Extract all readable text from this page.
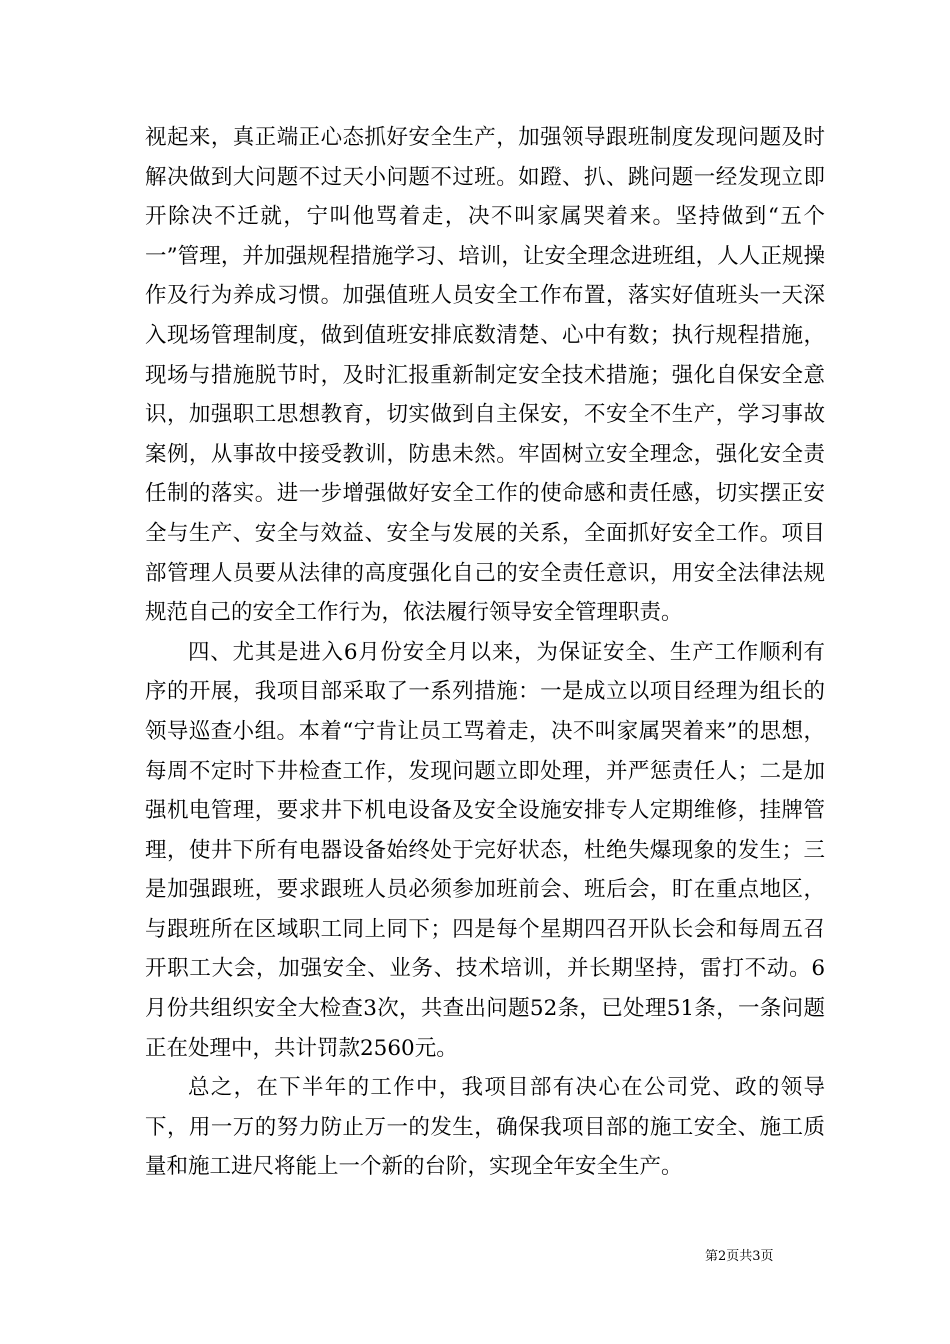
视起来，真正端正心态抓好安全生产，加强领导跟班制度发现问题及时解决做到大问题不过天小问题不过班。如蹬、扒、跳问题一经发现立即开除决不迁就，宁叫他骂着走，决不叫家属哭着来。坚持做到“五个一”管理，并加强规程措施学习、培训，让安全理念进班组，人人正规操作及行为养成习惯。加强值班人员安全工作布置，落实好值班头一天深入现场管理制度，做到值班安排底数清楚、心中有数；执行规程措施，现场与措施脱节时，及时汇报重新制定安全技术措施；强化自保安全意识，加强职工思想教育，切实做到自主保安，不安全不生产，学习事故案例，从事故中接受教训，防患未然。牢固树立安全理念，强化安全责任制的落实。进一步增强做好安全工作的使命感和责任感，切实摆正安全与生产、安全与效益、安全与发展的关系，全面抓好安全工作。项目部管理人员要从法律的高度强化自己的安全责任意识，用安全法律法规规范自己的安全工作行为，依法履行领导安全管理职责。

四、尤其是进入6月份安全月以来，为保证安全、生产工作顺利有序的开展，我项目部采取了一系列措施：一是成立以项目经理为组长的领导巡查小组。本着“宁肯让员工骂着走，决不叫家属哭着来”的思想，每周不定时下井检查工作，发现问题立即处理，并严惩责任人；二是加强机电管理，要求井下机电设备及安全设施安排专人定期维修，挂牌管理，使井下所有电器设备始终处于完好状态，杜绝失爆现象的发生；三是加强跟班，要求跟班人员必须参加班前会、班后会，盯在重点地区，与跟班所在区域职工同上同下；四是每个星期四召开队长会和每周五召开职工大会，加强安全、业务、技术培训，并长期坚持，雷打不动。6月份共组织安全大检查3次，共查出问题52条，已处理51条，一条问题正在处理中，共计罚款2560元。

总之，在下半年的工作中，我项目部有决心在公司党、政的领导下，用一万的努力防止万一的发生，确保我项目部的施工安全、施工质量和施工进尺将能上一个新的台阶，实现全年安全生产。

第2页共3页
